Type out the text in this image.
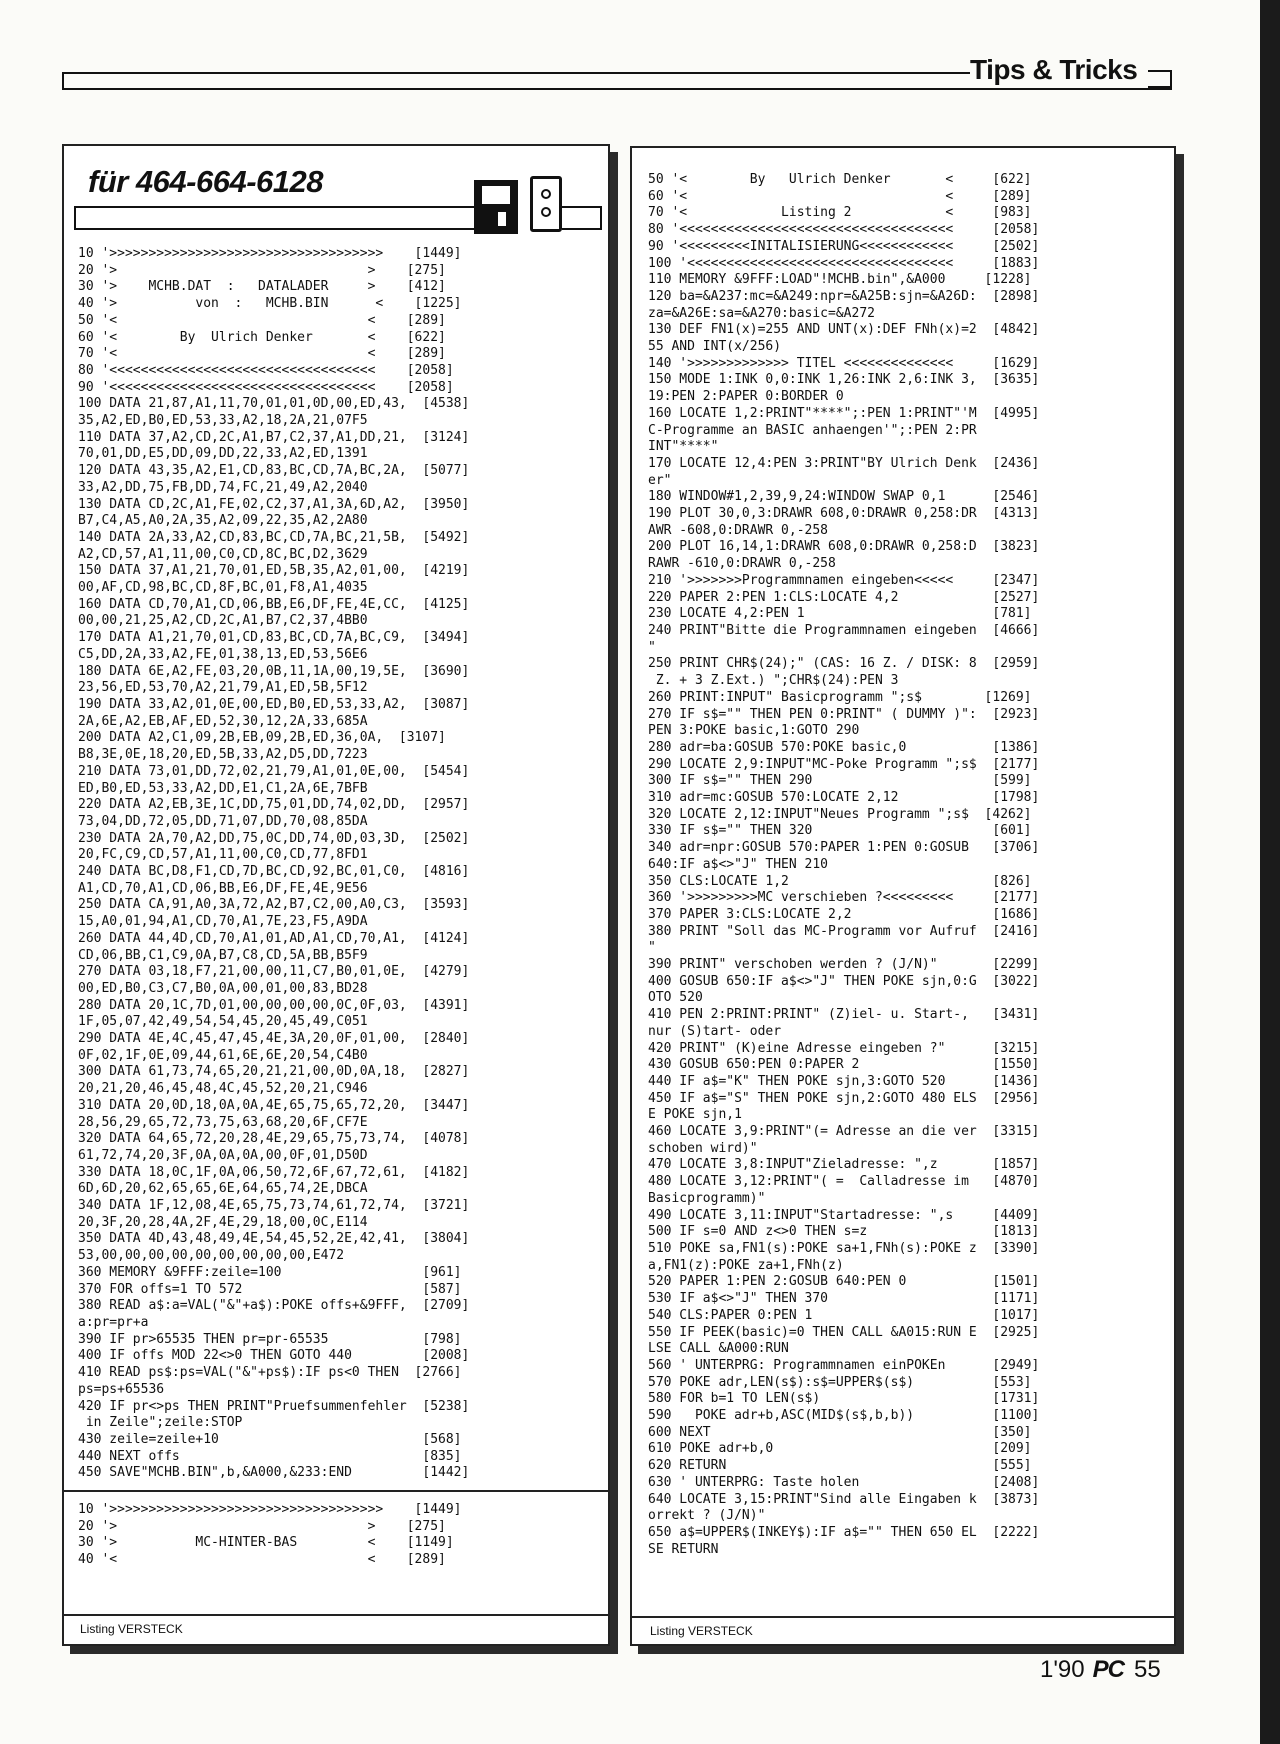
Tips & Tricks
für 464-664-6128
10 '>>>>>>>>>>>>>>>>>>>>>>>>>>>>>>>>>>>    [1449]
20 '>                                >    [275]
30 '>    MCHB.DAT  :   DATALADER     >    [412]
40 '>          von  :   MCHB.BIN      <    [1225]
50 '<                                <    [289]
60 '<        By  Ulrich Denker       <    [622]
70 '<                                <    [289]
80 '<<<<<<<<<<<<<<<<<<<<<<<<<<<<<<<<<<    [2058]
90 '<<<<<<<<<<<<<<<<<<<<<<<<<<<<<<<<<<    [2058]
100 DATA 21,87,A1,11,70,01,01,0D,00,ED,43,  [4538]
35,A2,ED,B0,ED,53,33,A2,18,2A,21,07F5
110 DATA 37,A2,CD,2C,A1,B7,C2,37,A1,DD,21,  [3124]
70,01,DD,E5,DD,09,DD,22,33,A2,ED,1391
120 DATA 43,35,A2,E1,CD,83,BC,CD,7A,BC,2A,  [5077]
33,A2,DD,75,FB,DD,74,FC,21,49,A2,2040
130 DATA CD,2C,A1,FE,02,C2,37,A1,3A,6D,A2,  [3950]
B7,C4,A5,A0,2A,35,A2,09,22,35,A2,2A80
140 DATA 2A,33,A2,CD,83,BC,CD,7A,BC,21,5B,  [5492]
A2,CD,57,A1,11,00,C0,CD,8C,BC,D2,3629
150 DATA 37,A1,21,70,01,ED,5B,35,A2,01,00,  [4219]
00,AF,CD,98,BC,CD,8F,BC,01,F8,A1,4035
160 DATA CD,70,A1,CD,06,BB,E6,DF,FE,4E,CC,  [4125]
00,00,21,25,A2,CD,2C,A1,B7,C2,37,4BB0
170 DATA A1,21,70,01,CD,83,BC,CD,7A,BC,C9,  [3494]
C5,DD,2A,33,A2,FE,01,38,13,ED,53,56E6
180 DATA 6E,A2,FE,03,20,0B,11,1A,00,19,5E,  [3690]
23,56,ED,53,70,A2,21,79,A1,ED,5B,5F12
190 DATA 33,A2,01,0E,00,ED,B0,ED,53,33,A2,  [3087]
2A,6E,A2,EB,AF,ED,52,30,12,2A,33,685A
200 DATA A2,C1,09,2B,EB,09,2B,ED,36,0A,  [3107]
B8,3E,0E,18,20,ED,5B,33,A2,D5,DD,7223
210 DATA 73,01,DD,72,02,21,79,A1,01,0E,00,  [5454]
ED,B0,ED,53,33,A2,DD,E1,C1,2A,6E,7BFB
220 DATA A2,EB,3E,1C,DD,75,01,DD,74,02,DD,  [2957]
73,04,DD,72,05,DD,71,07,DD,70,08,85DA
230 DATA 2A,70,A2,DD,75,0C,DD,74,0D,03,3D,  [2502]
20,FC,C9,CD,57,A1,11,00,C0,CD,77,8FD1
240 DATA BC,D8,F1,CD,7D,BC,CD,92,BC,01,C0,  [4816]
A1,CD,70,A1,CD,06,BB,E6,DF,FE,4E,9E56
250 DATA CA,91,A0,3A,72,A2,B7,C2,00,A0,C3,  [3593]
15,A0,01,94,A1,CD,70,A1,7E,23,F5,A9DA
260 DATA 44,4D,CD,70,A1,01,AD,A1,CD,70,A1,  [4124]
CD,06,BB,C1,C9,0A,B7,C8,CD,5A,BB,B5F9
270 DATA 03,18,F7,21,00,00,11,C7,B0,01,0E,  [4279]
00,ED,B0,C3,C7,B0,0A,00,01,00,83,BD28
280 DATA 20,1C,7D,01,00,00,00,00,0C,0F,03,  [4391]
1F,05,07,42,49,54,54,45,20,45,49,C051
290 DATA 4E,4C,45,47,45,4E,3A,20,0F,01,00,  [2840]
0F,02,1F,0E,09,44,61,6E,6E,20,54,C4B0
300 DATA 61,73,74,65,20,21,21,00,0D,0A,18,  [2827]
20,21,20,46,45,48,4C,45,52,20,21,C946
310 DATA 20,0D,18,0A,0A,4E,65,75,65,72,20,  [3447]
28,56,29,65,72,73,75,63,68,20,6F,CF7E
320 DATA 64,65,72,20,28,4E,29,65,75,73,74,  [4078]
61,72,74,20,3F,0A,0A,0A,00,0F,01,D50D
330 DATA 18,0C,1F,0A,06,50,72,6F,67,72,61,  [4182]
6D,6D,20,62,65,65,6E,64,65,74,2E,DBCA
340 DATA 1F,12,08,4E,65,75,73,74,61,72,74,  [3721]
20,3F,20,28,4A,2F,4E,29,18,00,0C,E114
350 DATA 4D,43,48,49,4E,54,45,52,2E,42,41,  [3804]
53,00,00,00,00,00,00,00,00,00,E472
360 MEMORY &9FFF:zeile=100                  [961]
370 FOR offs=1 TO 572                       [587]
380 READ a$:a=VAL("&"+a$):POKE offs+&9FFF,  [2709]
a:pr=pr+a
390 IF pr>65535 THEN pr=pr-65535            [798]
400 IF offs MOD 22<>0 THEN GOTO 440         [2008]
410 READ ps$:ps=VAL("&"+ps$):IF ps<0 THEN  [2766]
ps=ps+65536
420 IF pr<>ps THEN PRINT"Pruefsummenfehler  [5238]
in Zeile";zeile:STOP
430 zeile=zeile+10                          [568]
440 NEXT offs                               [835]
450 SAVE"MCHB.BIN",b,&A000,&233:END         [1442]
10 '>>>>>>>>>>>>>>>>>>>>>>>>>>>>>>>>>>>    [1449]
20 '>                                >    [275]
30 '>          MC-HINTER-BAS         <    [1149]
40 '<                                <    [289]
Listing VERSTECK
50 '<        By   Ulrich Denker       <     [622]
60 '<                                 <     [289]
70 '<            Listing 2            <     [983]
80 '<<<<<<<<<<<<<<<<<<<<<<<<<<<<<<<<<<<     [2058]
90 '<<<<<<<<<INITALISIERUNG<<<<<<<<<<<<     [2502]
100 '<<<<<<<<<<<<<<<<<<<<<<<<<<<<<<<<<<     [1883]
110 MEMORY &9FFF:LOAD"!MCHB.bin",&A000     [1228]
120 ba=&A237:mc=&A249:npr=&A25B:sjn=&A26D:  [2898]
za=&A26E:sa=&A270:basic=&A272
130 DEF FN1(x)=255 AND UNT(x):DEF FNh(x)=2  [4842]
55 AND INT(x/256)
140 '>>>>>>>>>>>>> TITEL <<<<<<<<<<<<<<     [1629]
150 MODE 1:INK 0,0:INK 1,26:INK 2,6:INK 3,  [3635]
19:PEN 2:PAPER 0:BORDER 0
160 LOCATE 1,2:PRINT"****";:PEN 1:PRINT"'M  [4995]
C-Programme an BASIC anhaengen'";:PEN 2:PR
INT"****"
170 LOCATE 12,4:PEN 3:PRINT"BY Ulrich Denk  [2436]
er"
180 WINDOW#1,2,39,9,24:WINDOW SWAP 0,1      [2546]
190 PLOT 30,0,3:DRAWR 608,0:DRAWR 0,258:DR  [4313]
AWR -608,0:DRAWR 0,-258
200 PLOT 16,14,1:DRAWR 608,0:DRAWR 0,258:D  [3823]
RAWR -610,0:DRAWR 0,-258
210 '>>>>>>>Programmnamen eingeben<<<<<     [2347]
220 PAPER 2:PEN 1:CLS:LOCATE 4,2            [2527]
230 LOCATE 4,2:PEN 1                        [781]
240 PRINT"Bitte die Programmnamen eingeben  [4666]
"
250 PRINT CHR$(24);" (CAS: 16 Z. / DISK: 8  [2959]
Z. + 3 Z.Ext.) ";CHR$(24):PEN 3
260 PRINT:INPUT" Basicprogramm ";s$        [1269]
270 IF s$="" THEN PEN 0:PRINT" ( DUMMY )":  [2923]
PEN 3:POKE basic,1:GOTO 290
280 adr=ba:GOSUB 570:POKE basic,0           [1386]
290 LOCATE 2,9:INPUT"MC-Poke Programm ";s$  [2177]
300 IF s$="" THEN 290                       [599]
310 adr=mc:GOSUB 570:LOCATE 2,12            [1798]
320 LOCATE 2,12:INPUT"Neues Programm ";s$  [4262]
330 IF s$="" THEN 320                       [601]
340 adr=npr:GOSUB 570:PAPER 1:PEN 0:GOSUB   [3706]
640:IF a$<>"J" THEN 210
350 CLS:LOCATE 1,2                          [826]
360 '>>>>>>>>>MC verschieben ?<<<<<<<<<     [2177]
370 PAPER 3:CLS:LOCATE 2,2                  [1686]
380 PRINT "Soll das MC-Programm vor Aufruf  [2416]
"
390 PRINT" verschoben werden ? (J/N)"       [2299]
400 GOSUB 650:IF a$<>"J" THEN POKE sjn,0:G  [3022]
OTO 520
410 PEN 2:PRINT:PRINT" (Z)iel- u. Start-,   [3431]
nur (S)tart- oder
420 PRINT" (K)eine Adresse eingeben ?"      [3215]
430 GOSUB 650:PEN 0:PAPER 2                 [1550]
440 IF a$="K" THEN POKE sjn,3:GOTO 520      [1436]
450 IF a$="S" THEN POKE sjn,2:GOTO 480 ELS  [2956]
E POKE sjn,1
460 LOCATE 3,9:PRINT"(= Adresse an die ver  [3315]
schoben wird)"
470 LOCATE 3,8:INPUT"Zieladresse: ",z       [1857]
480 LOCATE 3,12:PRINT"( =  Calladresse im   [4870]
Basicprogramm)"
490 LOCATE 3,11:INPUT"Startadresse: ",s     [4409]
500 IF s=0 AND z<>0 THEN s=z                [1813]
510 POKE sa,FN1(s):POKE sa+1,FNh(s):POKE z  [3390]
a,FN1(z):POKE za+1,FNh(z)
520 PAPER 1:PEN 2:GOSUB 640:PEN 0           [1501]
530 IF a$<>"J" THEN 370                     [1171]
540 CLS:PAPER 0:PEN 1                       [1017]
550 IF PEEK(basic)=0 THEN CALL &A015:RUN E  [2925]
LSE CALL &A000:RUN
560 ' UNTERPRG: Programmnamen einPOKEn      [2949]
570 POKE adr,LEN(s$):s$=UPPER$(s$)          [553]
580 FOR b=1 TO LEN(s$)                      [1731]
590   POKE adr+b,ASC(MID$(s$,b,b))          [1100]
600 NEXT                                    [350]
610 POKE adr+b,0                            [209]
620 RETURN                                  [555]
630 ' UNTERPRG: Taste holen                 [2408]
640 LOCATE 3,15:PRINT"Sind alle Eingaben k  [3873]
orrekt ? (J/N)"
650 a$=UPPER$(INKEY$):IF a$="" THEN 650 EL  [2222]
SE RETURN
Listing VERSTECK
1'90 PC 55
